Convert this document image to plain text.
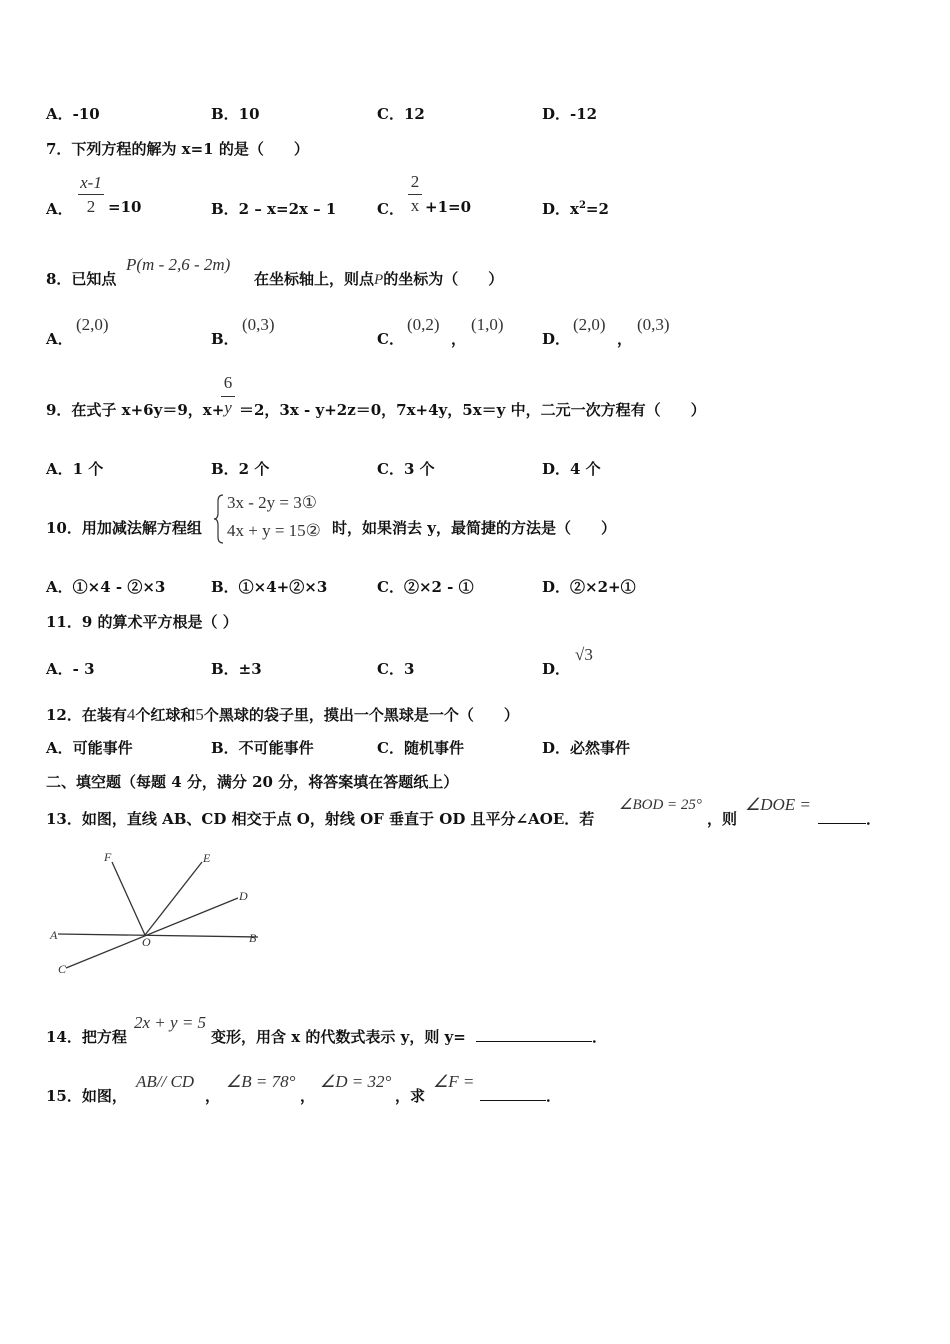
A．-10	B．10	C．12	D．-12
7．下列方程的解为 x=1 的是（　　）
A．
x-1
2 =10	B．2 – x=2x – 1	C．
2
x +1=0	D．$x^2=2$
8．已知点
P(m - 2,6 - 2m)
在坐标轴上，则点P的坐标为（　　）
A．
(2,0)
B．
(0,3)
C．
(0,2)
，
(1,0)
D．
(2,0)
，
(0,3)
9．在式子 x+6y＝9，x+
6
y ＝2，3x - y+2z＝0，7x+4y，5x＝y 中，二元一次方程有（　　）
A．1 个	B．2 个	C．3 个	D．4 个
10．用加减法解方程组
3x - 2y = 3①
4x + y = 15② 时，如果消去 y，最简捷的方法是（　　）
A．①×4 - ②×3	B．①×4+②×3	C．②×2 - ①	D．②×2+①
11．9 的算术平方根是（ ）
A．- 3	B．±3	C．3	D．
√3
12．在装有4个红球和5个黑球的袋子里，摸出一个黑球是一个（　　）
A．可能事件	B．不可能事件	C．随机事件	D．必然事件
二、填空题（每题 4 分，满分 20 分，将答案填在答题纸上）
13．如图，直线 AB、CD 相交于点 O，射线 OF 垂直于 OD 且平分∠AOE．若
∠BOD = 25°
，则
∠DOE =
．
F	E
D
A	O	B
C
14．把方程
2x + y = 5
变形，用含 x 的代数式表示 y，则 y=	．
15．如图，
AB// CD
，
∠B = 78°
，
∠D = 32°
，求
∠F =
．
